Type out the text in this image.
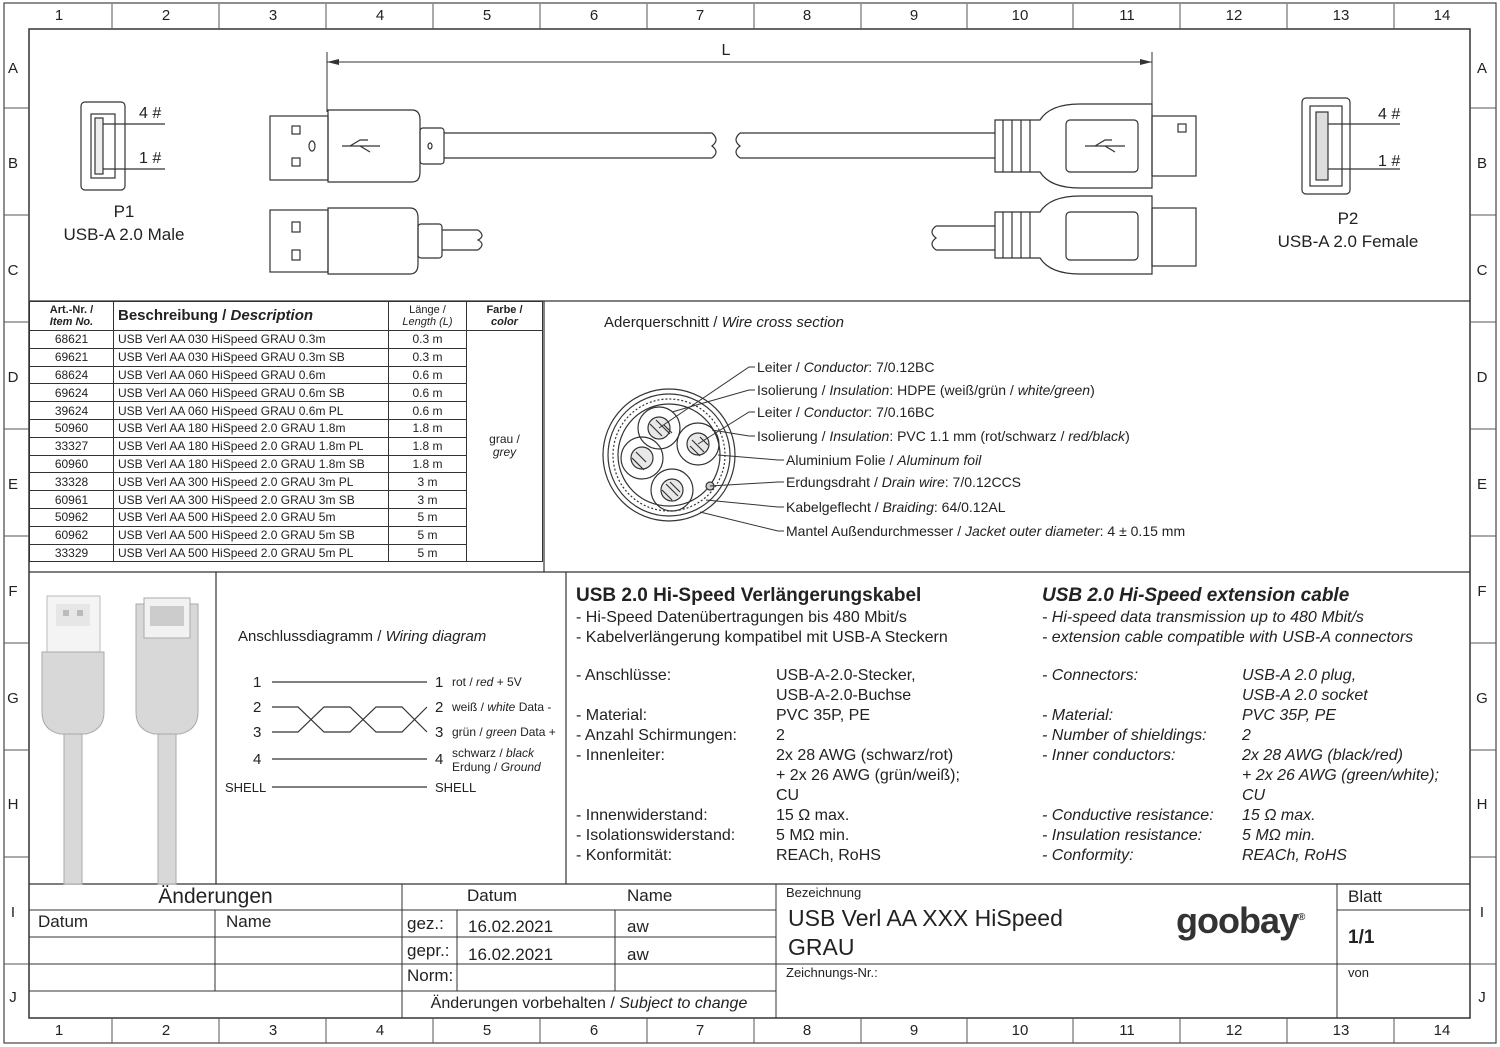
1
1
2
2
3
3
4
4
5
5
6
6
7
7
8
8
9
9
10
10
11
11
12
12
13
13
14
14
A	A
B	B
C	C
D	D
E	E
F	F
G	G
H	H
I	I
J	J
L
4 #
1 #
P1
USB-A 2.0 Male
4 #
1 #
P2
USB-A 2.0 Female
Aderquerschnitt / Wire cross section
Leiter / Conductor: 7/0.12BC
Isolierung / Insulation: HDPE (weiß/grün / white/green)
Leiter / Conductor: 7/0.16BC
Isolierung / Insulation: PVC 1.1 mm (rot/schwarz / red/black)
Aluminium Folie / Aluminum foil
Erdungsdraht / Drain wire: 7/0.12CCS
Kabelgeflecht / Braiding: 64/0.12AL
Mantel Außendurchmesser / Jacket outer diameter: 4 ± 0.15 mm
Anschlussdiagramm / Wiring diagram
1	1
2	2
3	3
4	4
SHELL	SHELL
rot / red + 5V
weiß / white Data -
grün / green Data +
schwarz / black
Erdung / Ground
Art.-Nr. /
Item No.	Beschreibung / Description	Länge /
Length (L)	Farbe /
color
68621	USB Verl AA 030 HiSpeed GRAU 0.3m	0.3 m	grau /
grey
69621	USB Verl AA 030 HiSpeed GRAU 0.3m SB	0.3 m	
68624	USB Verl AA 060 HiSpeed GRAU 0.6m	0.6 m	
69624	USB Verl AA 060 HiSpeed GRAU 0.6m SB	0.6 m	
39624	USB Verl AA 060 HiSpeed GRAU 0.6m PL	0.6 m	
50960	USB Verl AA 180 HiSpeed 2.0 GRAU 1.8m	1.8 m	
33327	USB Verl AA 180 HiSpeed 2.0 GRAU 1.8m PL	1.8 m	
60960	USB Verl AA 180 HiSpeed 2.0 GRAU 1.8m SB	1.8 m	
33328	USB Verl AA 300 HiSpeed 2.0 GRAU 3m PL	3 m	
60961	USB Verl AA 300 HiSpeed 2.0 GRAU 3m SB	3 m	
50962	USB Verl AA 500 HiSpeed 2.0 GRAU 5m	5 m	
60962	USB Verl AA 500 HiSpeed 2.0 GRAU 5m SB	5 m	
33329	USB Verl AA 500 HiSpeed 2.0 GRAU 5m PL	5 m	
USB 2.0 Hi-Speed Verlängerungskabel
- Hi-Speed Datenübertragungen bis 480 Mbit/s
- Kabelverlängerung kompatibel mit USB-A Steckern
- Anschlüsse:	USB-A-2.0-Stecker,
USB-A-2.0-Buchse
- Material:	PVC 35P, PE
- Anzahl Schirmungen:	2
- Innenleiter:	2x 28 AWG (schwarz/rot)
+ 2x 26 AWG (grün/weiß);
CU
- Innenwiderstand:	15 Ω max.
- Isolationswiderstand:	5 MΩ min.
- Konformität:	REACh, RoHS
USB 2.0 Hi-Speed extension cable
- Hi-speed data transmission up to 480 Mbit/s
- extension cable compatible with USB-A connectors
- Connectors:	USB-A 2.0 plug,
USB-A 2.0 socket
- Material:	PVC 35P, PE
- Number of shieldings:	2
- Inner conductors:	2x 28 AWG (black/red)
+ 2x 26 AWG (green/white);
CU
- Conductive resistance:	15 Ω max.
- Insulation resistance:	5 MΩ min.
- Conformity:	REACh, RoHS
Änderungen
Datum	Name
Datum	Name
gez.: 16.02.2021	aw
gepr.: 16.02.2021	aw
Norm:
Änderungen vorbehalten / Subject to change
Bezeichnung
USB Verl AA XXX HiSpeed
GRAU
Zeichnungs-Nr.:
goobay®
Blatt
1/1
von
